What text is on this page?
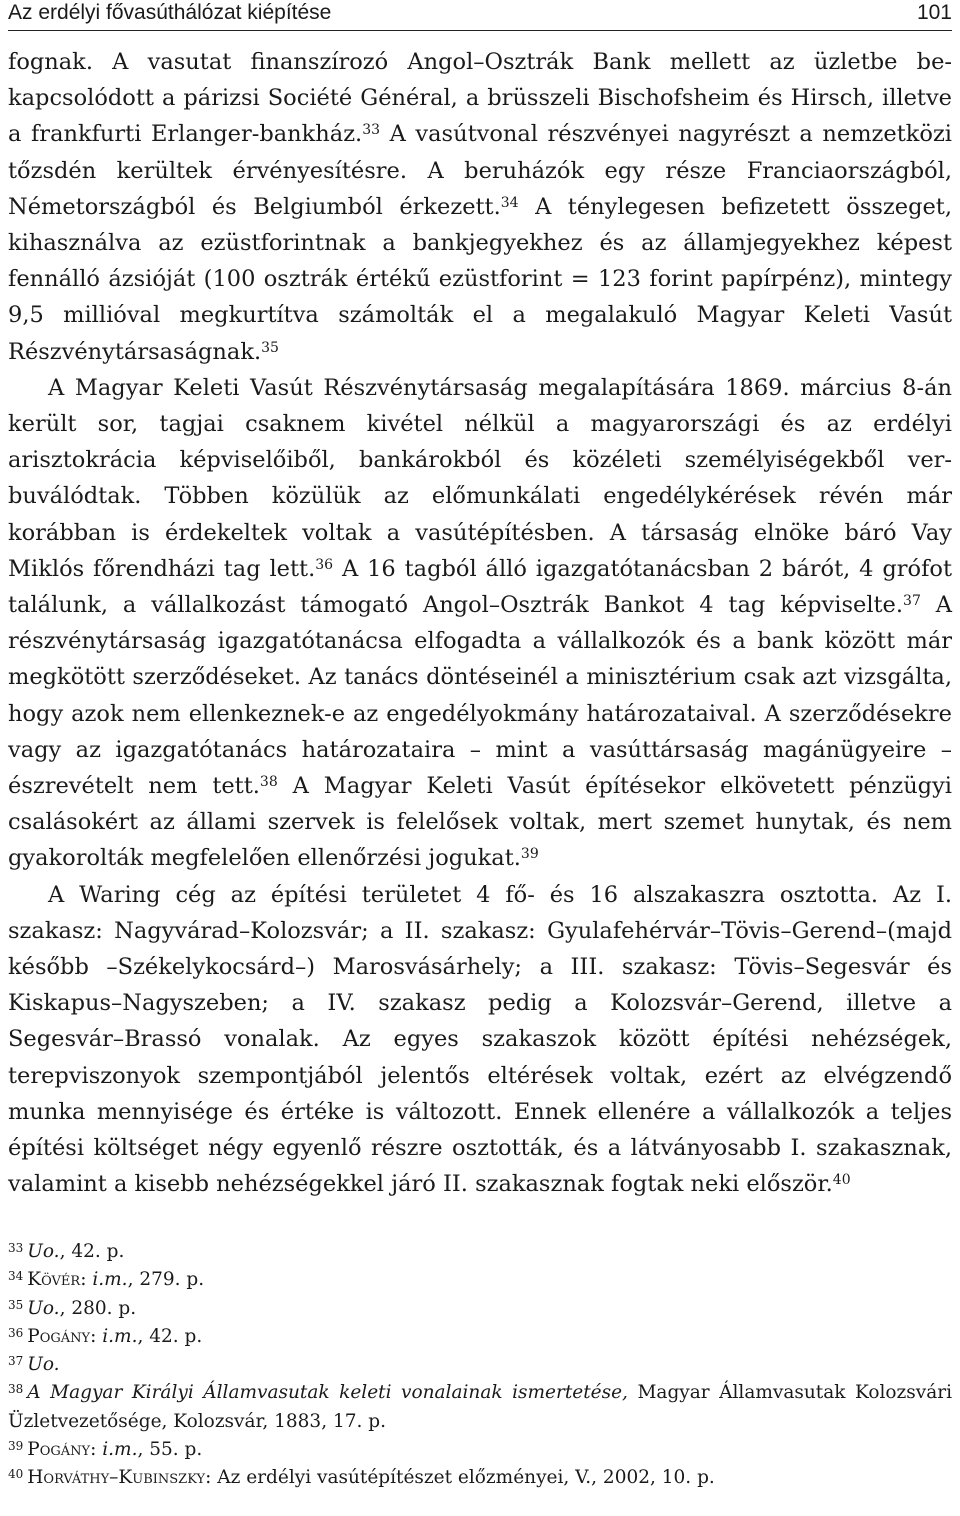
Az erdélyi fővasúthálózat kiépítése	101

fognak. A vasutat finanszírozó Angol–Osztrák Bank mellett az üzletbe bekapcsolódott a párizsi Société Général, a brüsszeli Bischofsheim és Hirsch, illetve a frankfurti Erlanger-bankház.$^{33}$ A vasútvonal részvényei nagyrészt a nemzetközi tőzsdén kerültek érvényesítésre. A beruházók egy része Franciaországból, Németországból és Belgiumból érkezett.$^{34}$ A ténylegesen befizetett összeget, kihasználva az ezüstforintnak a bankjegyekhez és az államjegyekhez képest fennálló ázsióját (100 osztrák értékű ezüstforint = 123 forint papírpénz), mintegy 9,5 millióval megkurtítva számolták el a megalakuló Magyar Keleti Vasút Részvénytársaságnak.$^{35}$

A Magyar Keleti Vasút Részvénytársaság megalapítására 1869. március 8-án került sor, tagjai csaknem kivétel nélkül a magyarországi és az erdélyi arisztokrácia képviselőiből, bankárokból és közéleti személyiségekből verbuválódtak. Többen közülük az előmunkálati engedélykérések révén már korábban is érdekeltek voltak a vasútépítésben. A társaság elnöke báró Vay Miklós főrendházi tag lett.$^{36}$ A 16 tagból álló igazgatótanácsban 2 bárót, 4 grófot találunk, a vállalkozást támogató Angol–Osztrák Bankot 4 tag képviselte.$^{37}$ A részvénytársaság igazgatótanácsa elfogadta a vállalkozók és a bank között már megkötött szerződéseket. Az tanács döntéseinél a minisztérium csak azt vizsgálta, hogy azok nem ellenkeznek-e az engedélyokmány határozataival. A szerződésekre vagy az igazgatótanács határozataira – mint a vasúttársaság magánügyeire – észrevételt nem tett.$^{38}$ A Magyar Keleti Vasút építésekor elkövetett pénzügyi csalásokért az állami szervek is felelősek voltak, mert szemet hunytak, és nem gyakorolták megfelelően ellenőrzési jogukat.$^{39}$

A Waring cég az építési területet 4 fő- és 16 alszakaszra osztotta. Az I. szakasz: Nagyvárad–Kolozsvár; a II. szakasz: Gyulafehérvár–Tövis–Gerend–(majd később –Székelykocsárd–) Marosvásárhely; a III. szakasz: Tövis–Segesvár és Kiskapus–Nagyszeben; a IV. szakasz pedig a Kolozsvár–Gerend, illetve a Segesvár–Brassó vonalak. Az egyes szakaszok között építési nehézségek, terepviszonyok szempontjából jelentős eltérések voltak, ezért az elvégzendő munka mennyisége és értéke is változott. Ennek ellenére a vállalkozók a teljes építési költséget négy egyenlő részre osztották, és a látványosabb I. szakasznak, valamint a kisebb nehézségekkel járó II. szakasznak fogtak neki először.$^{40}$

$^{33}$ Uo., 42. p.
$^{34}$ Kövér: i.m., 279. p.
$^{35}$ Uo., 280. p.
$^{36}$ Pogány: i.m., 42. p.
$^{37}$ Uo.
$^{38}$ A Magyar Királyi Államvasutak keleti vonalainak ismertetése, Magyar Államvasutak Kolozsvári Üzletvezetősége, Kolozsvár, 1883, 17. p.
$^{39}$ Pogány: i.m., 55. p.
$^{40}$ Horváthy–Kubinszky: Az erdélyi vasútépítészet előzményei, V., 2002, 10. p.
